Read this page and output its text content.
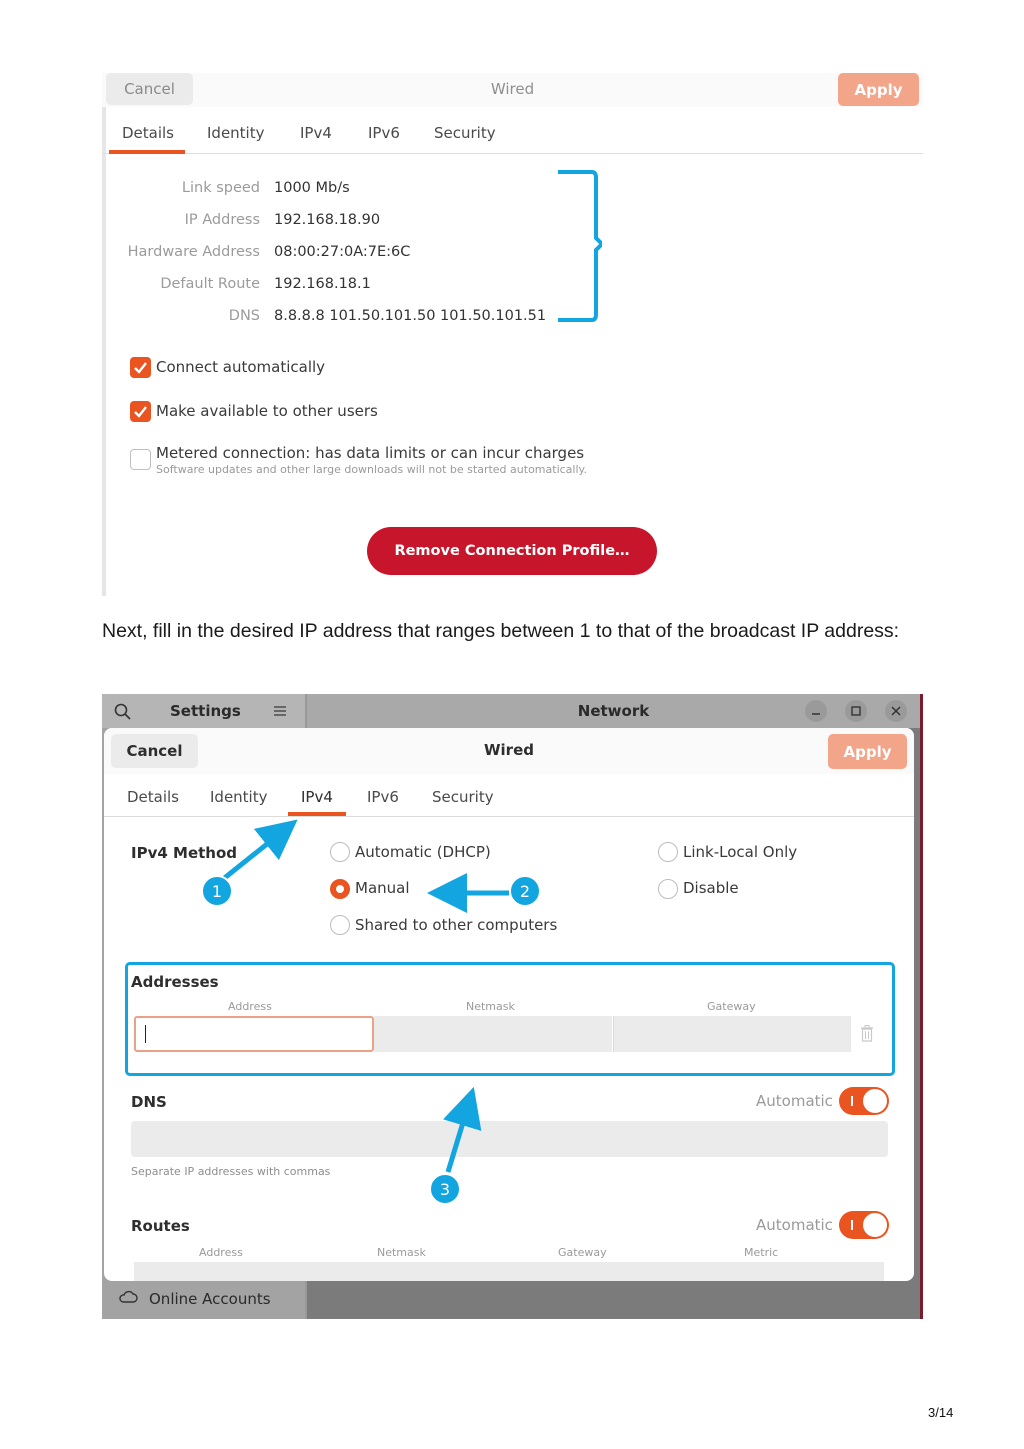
Wired
Cancel	Apply
Details Identity IPv4 IPv6 Security
Link speed 1000 Mb/s
IP Address 192.168.18.90
Hardware Address 08:00:27:0A:7E:6C
Default Route 192.168.18.1
DNS 8.8.8.8 101.50.101.50 101.50.101.51
Connect automatically
Make available to other users
Metered connection: has data limits or can incur charges
Software updates and other large downloads will not be started automatically.
Remove Connection Profile…
Next, fill in the desired IP address that ranges between 1 to that of the broadcast IP address:
Settings	Network
Online Accounts
Cancel	Wired	Apply
Details Identity IPv4 IPv6 Security
IPv4 Method	Automatic (DHCP)
Manual
Shared to other computers
Link-Local Only
Disable
Addresses
Address	Netmask	Gateway
DNS	Automatic
Separate IP addresses with commas
Routes	Automatic
Address	Netmask	Gateway	Metric
1	2
3
3/14
